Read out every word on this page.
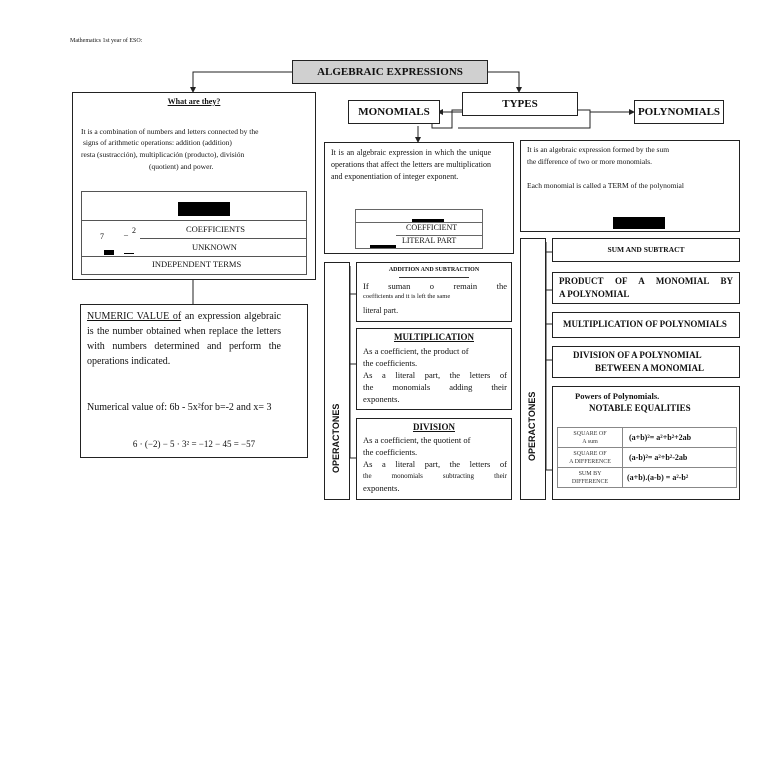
Mathematics 1st year of ESO:
ALGEBRAIC EXPRESSIONS
What are they?
It is a combination of numbers and letters connected by the
signs of arithmetic operations: addition (addition)
resta (sustracción), multiplicación (producto), división
(quotient) and power.
COEFFICIENTS
UNKNOWN
INDEPENDENT TERMS
7	– 2
NUMERIC VALUE of an expression algebraic is the number obtained when replace the letters with numbers determined and perform the operations indicated.
Numerical value of: 6b - 5x²for b=-2 and x= 3
6 · (−2) − 5 · 3² = −12 − 45 = −57
TYPES
MONOMIALS	POLYNOMIALS
It is an algebraic expression in which the unique operations that affect the letters are multiplication and exponentiation of integer exponent.
COEFFICIENT
LITERAL PART
It is an algebraic expression formed by the sum
the difference of two or more monomials.
Each monomial is called a TERM of the polynomial
OPERACTONES
ADDITION AND SUBTRACTION
If suman o remain the
coefficients and it is left the same
literal part.
MULTIPLICATION
As a coefficient, the product of
the coefficients.
As a literal part, the letters of
the monomials adding their
exponents.
DIVISION
As a coefficient, the quotient of
the coefficients.
As a literal part, the letters of
the monomials subtracting their
exponents.
OPERACTONES
SUM AND SUBTRACT
PRODUCT OF A MONOMIAL BY
A POLYNOMIAL
MULTIPLICATION OF POLYNOMIALS
DIVISION OF A POLYNOMIAL
BETWEEN A MONOMIAL
Powers of Polynomials.
NOTABLE EQUALITIES
SQUARE OF
A sum	(a+b)²= a²+b²+2ab

SQUARE OF
A DIFFERENCE	(a-b)²= a²+b²-2ab

SUM BY
DIFFERENCE	(a+b).(a-b) = a²-b²
